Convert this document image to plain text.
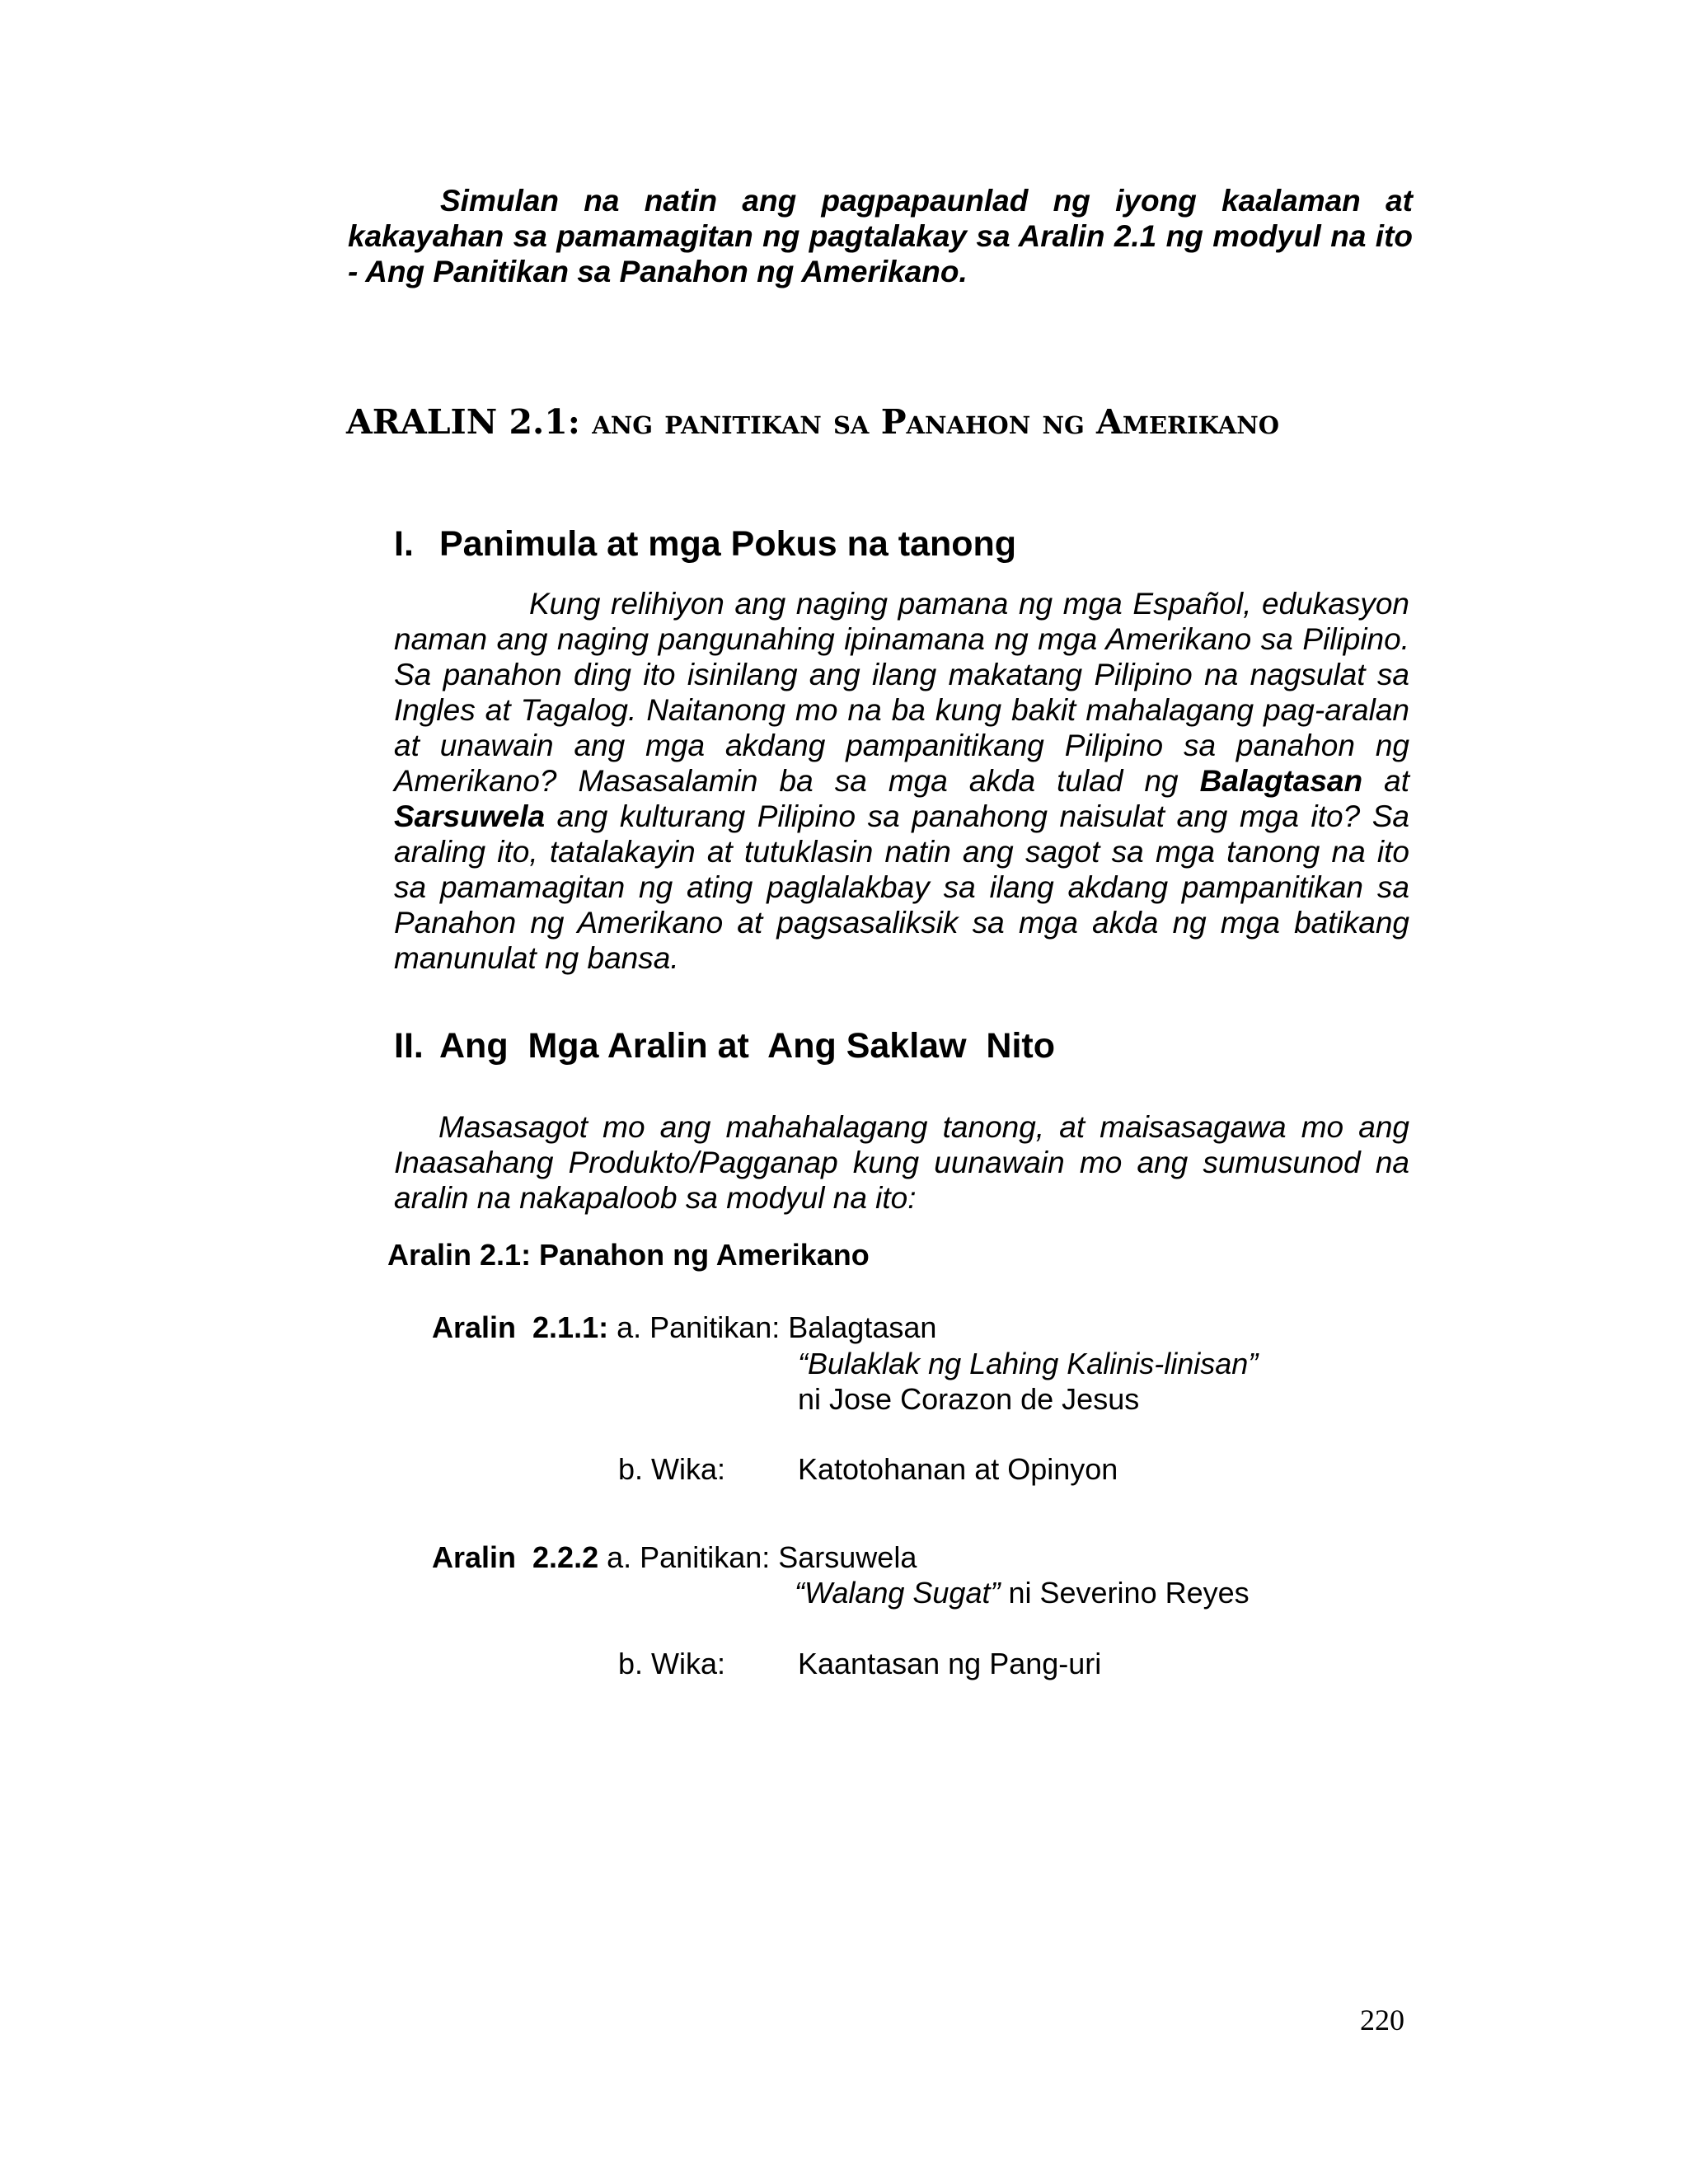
Simulan na natin ang pagpapaunlad ng iyong kaalaman at kakayahan sa pamamagitan ng pagtalakay sa Aralin 2.1 ng modyul na ito - Ang Panitikan sa Panahon ng Amerikano.
ARALIN 2.1: ang panitikan sa Panahon ng Amerikano
I. Panimula at mga Pokus na tanong
Kung relihiyon ang naging pamana ng mga Español, edukasyon naman ang naging pangunahing ipinamana ng mga Amerikano sa Pilipino. Sa panahon ding ito isinilang ang ilang makatang Pilipino na nagsulat sa Ingles at Tagalog. Naitanong mo na ba kung bakit mahalagang pag-aralan at unawain ang mga akdang pampanitikang Pilipino sa panahon ng Amerikano? Masasalamin ba sa mga akda tulad ng Balagtasan at Sarsuwela ang kulturang Pilipino sa panahong naisulat ang mga ito? Sa araling ito, tatalakayin at tutuklasin natin ang sagot sa mga tanong na ito sa pamamagitan ng ating paglalakbay sa ilang akdang pampanitikan sa Panahon ng Amerikano at pagsasaliksik sa mga akda ng mga batikang manunulat ng bansa.
II. Ang  Mga Aralin at  Ang Saklaw  Nito
Masasagot mo ang mahahalagang tanong, at maisasagawa mo ang Inaasahang Produkto/Pagganap kung uunawain mo ang sumusunod na aralin na nakapaloob sa modyul na ito:
Aralin 2.1: Panahon ng Amerikano
Aralin  2.1.1: a. Panitikan: Balagtasan
“Bulaklak ng Lahing Kalinis-linisan”
ni Jose Corazon de Jesus
b. Wika: Katotohanan at Opinyon
Aralin  2.2.2 a. Panitikan: Sarsuwela
“Walang Sugat” ni Severino Reyes
b. Wika: Kaantasan ng Pang-uri
220
